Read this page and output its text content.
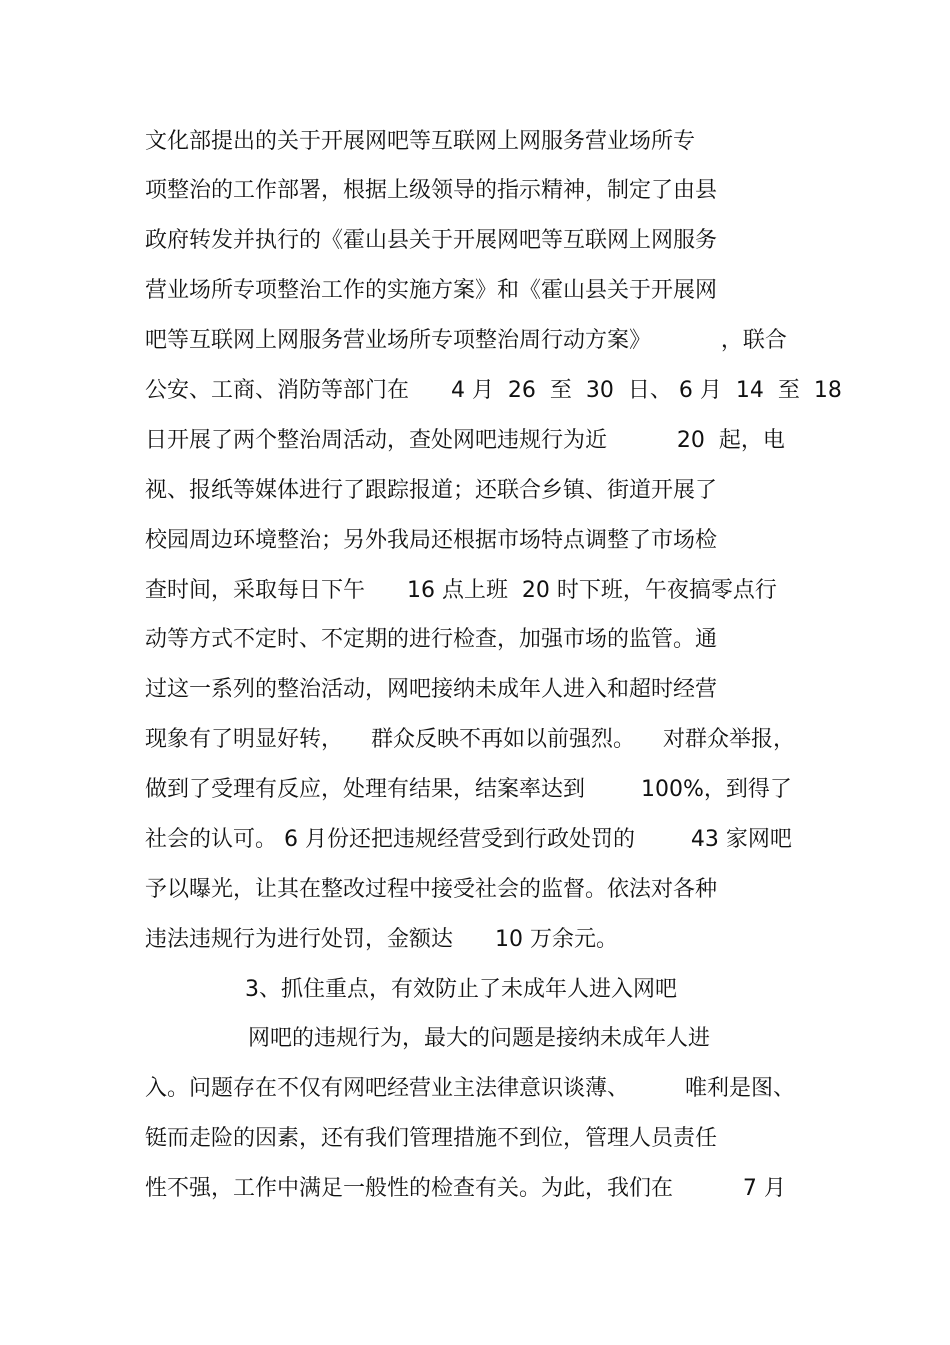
文化部提出的关于开展网吧等互联网上网服务营业场所专
项整治的工作部署，根据上级领导的指示精神，制定了由县
政府转发并执行的《霍山县关于开展网吧等互联网上网服务
营业场所专项整治工作的实施方案》和《霍山县关于开展网
吧等互联网上网服务营业场所专项整治周行动方案》          ，联合
公安、工商、消防等部门在      4 月  26  至  30  日、 6 月  14  至  18
日开展了两个整治周活动，查处网吧违规行为近          20  起，电
视、报纸等媒体进行了跟踪报道；还联合乡镇、街道开展了
校园周边环境整治；另外我局还根据市场特点调整了市场检
查时间，采取每日下午      16 点上班  20 时下班，午夜搞零点行
动等方式不定时、不定期的进行检查，加强市场的监管。通
过这一系列的整治活动，网吧接纳未成年人进入和超时经营
现象有了明显好转，    群众反映不再如以前强烈。    对群众举报，
做到了受理有反应，处理有结果，结案率达到        100%，到得了
社会的认可。 6 月份还把违规经营受到行政处罚的        43 家网吧
予以曝光，让其在整改过程中接受社会的监督。依法对各种
违法违规行为进行处罚，金额达      10 万余元。
3、抓住重点，有效防止了未成年人进入网吧
网吧的违规行为，最大的问题是接纳未成年人进
入。问题存在不仅有网吧经营业主法律意识谈薄、        唯利是图、
铤而走险的因素，还有我们管理措施不到位，管理人员责任
性不强，工作中满足一般性的检查有关。为此，我们在          7 月
